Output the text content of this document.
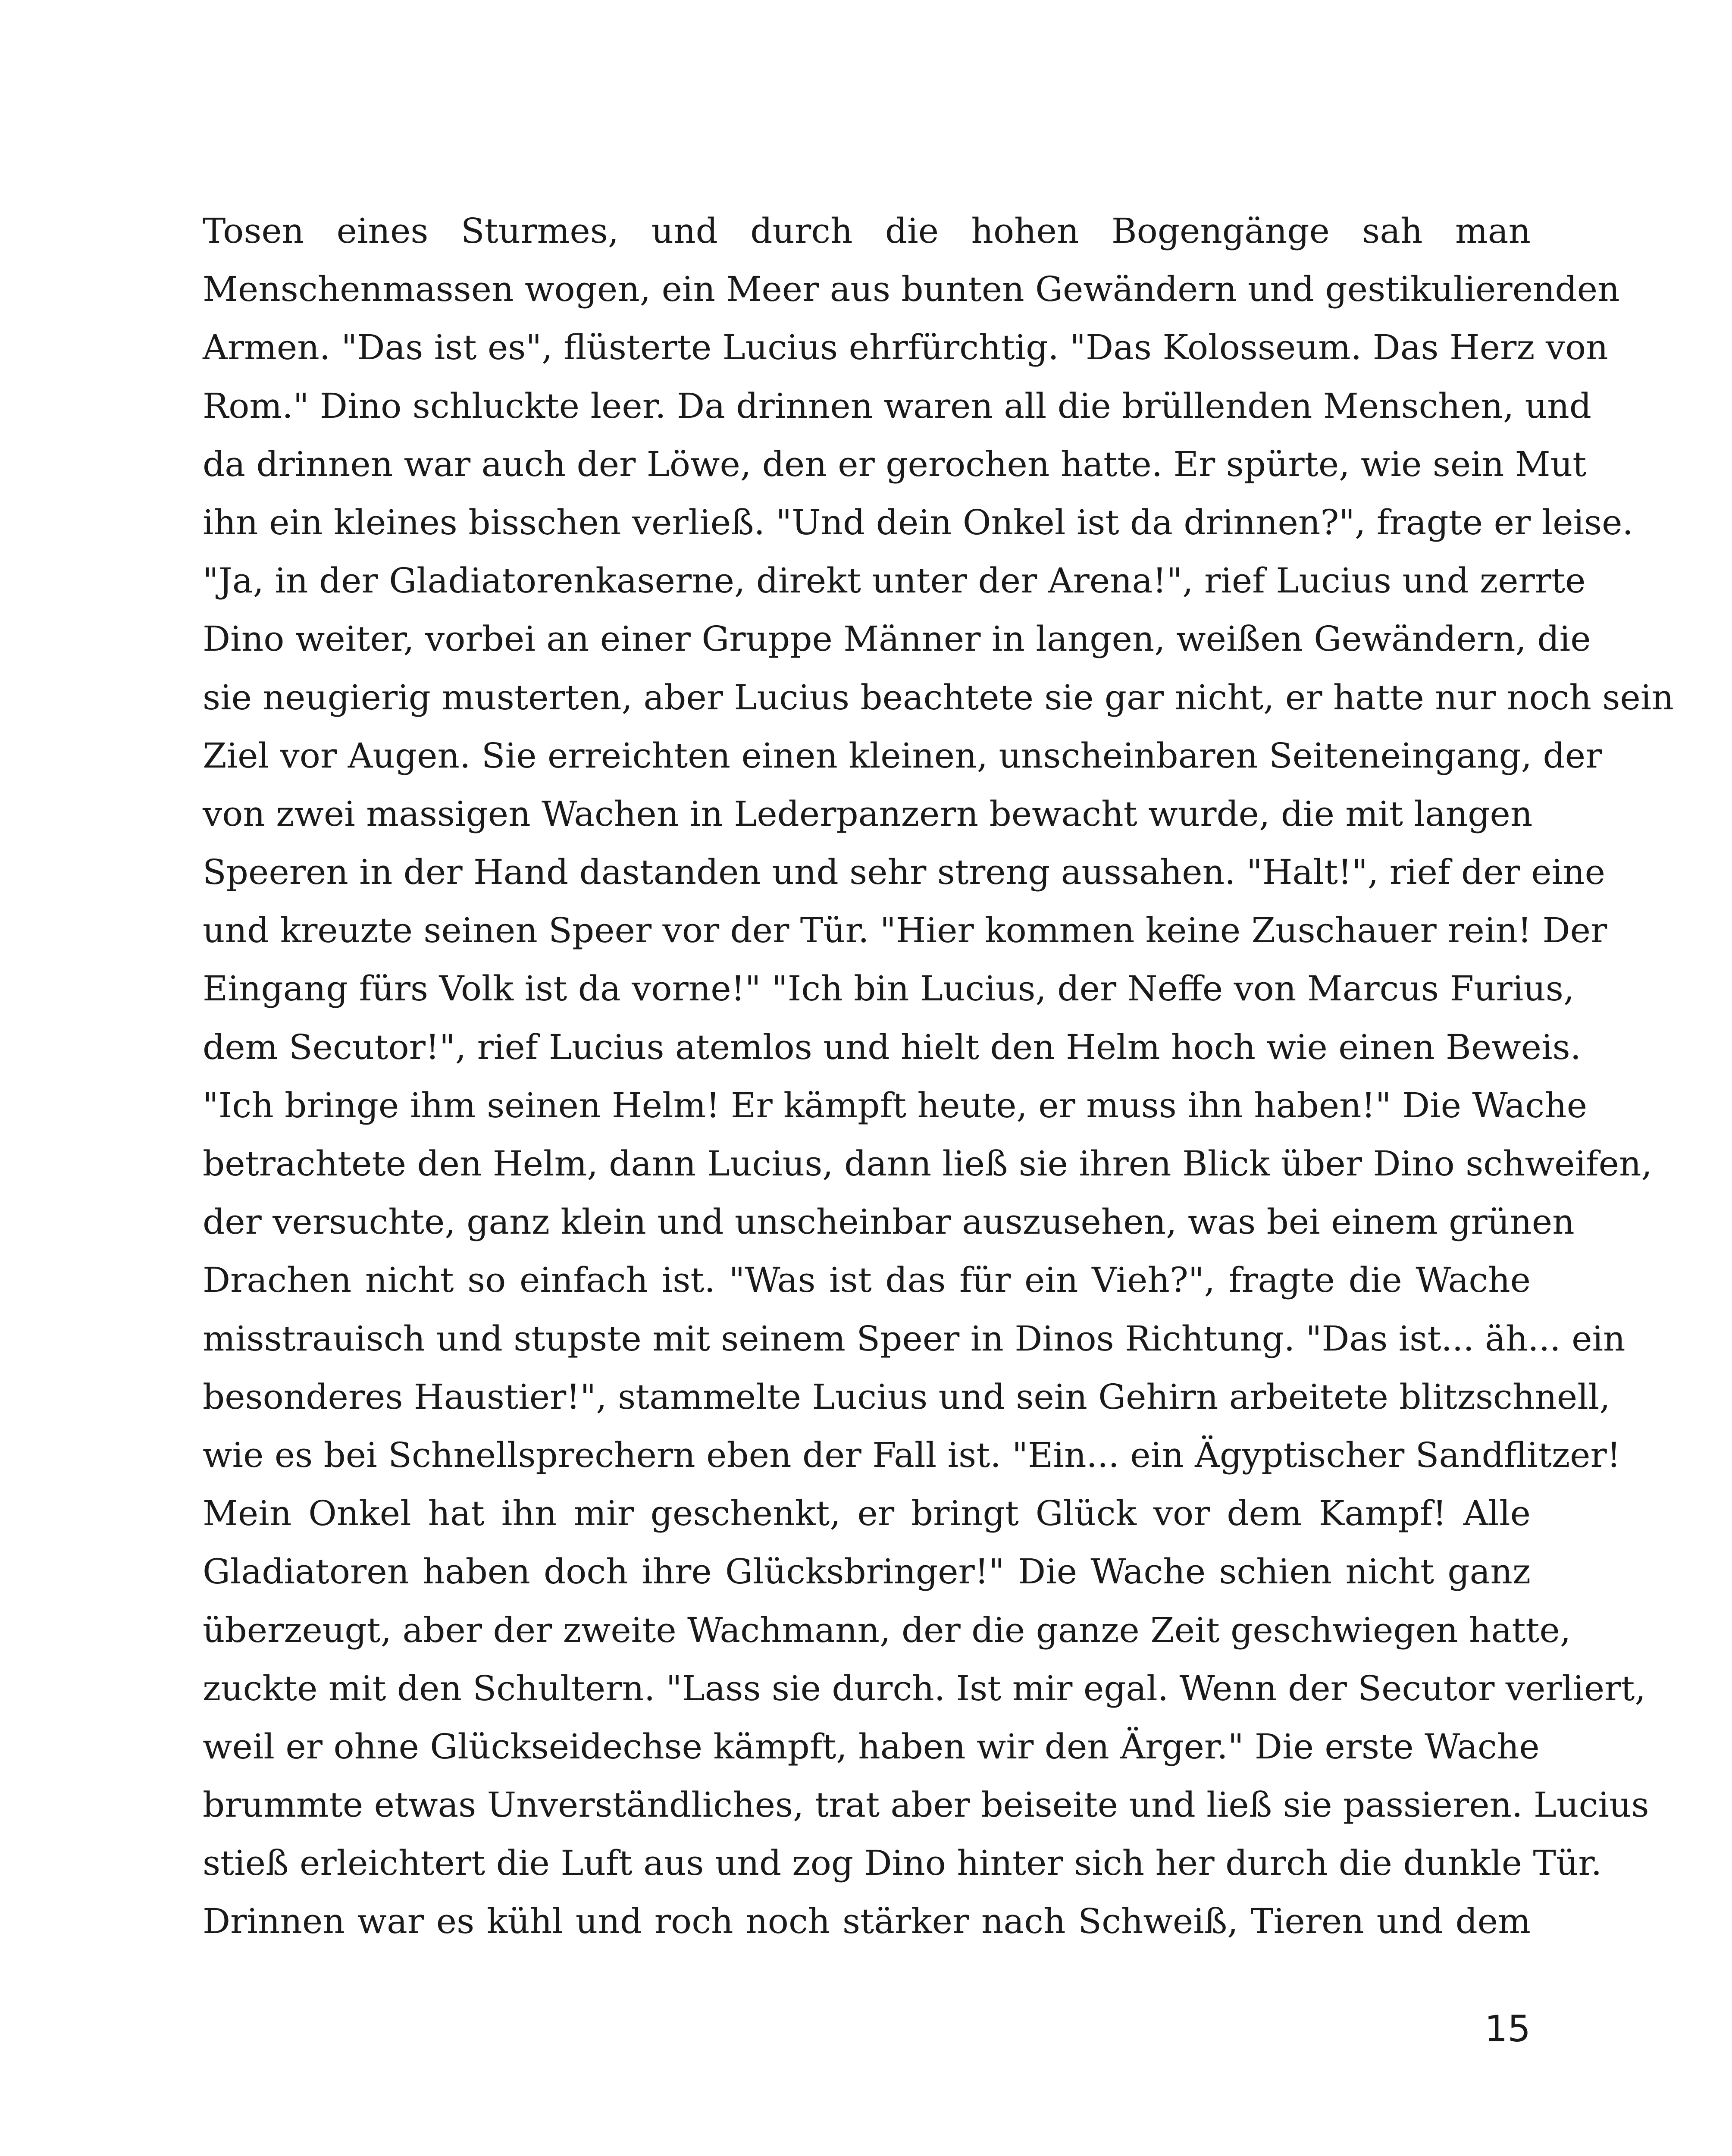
Tosen eines Sturmes, und durch die hohen Bogengänge sah man
Menschenmassen wogen, ein Meer aus bunten Gewändern und gestikulierenden
Armen. "Das ist es", flüsterte Lucius ehrfürchtig. "Das Kolosseum. Das Herz von
Rom." Dino schluckte leer. Da drinnen waren all die brüllenden Menschen, und
da drinnen war auch der Löwe, den er gerochen hatte. Er spürte, wie sein Mut
ihn ein kleines bisschen verließ. "Und dein Onkel ist da drinnen?", fragte er leise.
"Ja, in der Gladiatorenkaserne, direkt unter der Arena!", rief Lucius und zerrte
Dino weiter, vorbei an einer Gruppe Männer in langen, weißen Gewändern, die
sie neugierig musterten, aber Lucius beachtete sie gar nicht, er hatte nur noch sein
Ziel vor Augen. Sie erreichten einen kleinen, unscheinbaren Seiteneingang, der
von zwei massigen Wachen in Lederpanzern bewacht wurde, die mit langen
Speeren in der Hand dastanden und sehr streng aussahen. "Halt!", rief der eine
und kreuzte seinen Speer vor der Tür. "Hier kommen keine Zuschauer rein! Der
Eingang fürs Volk ist da vorne!" "Ich bin Lucius, der Neffe von Marcus Furius,
dem Secutor!", rief Lucius atemlos und hielt den Helm hoch wie einen Beweis.
"Ich bringe ihm seinen Helm! Er kämpft heute, er muss ihn haben!" Die Wache
betrachtete den Helm, dann Lucius, dann ließ sie ihren Blick über Dino schweifen,
der versuchte, ganz klein und unscheinbar auszusehen, was bei einem grünen
Drachen nicht so einfach ist. "Was ist das für ein Vieh?", fragte die Wache
misstrauisch und stupste mit seinem Speer in Dinos Richtung. "Das ist... äh... ein
besonderes Haustier!", stammelte Lucius und sein Gehirn arbeitete blitzschnell,
wie es bei Schnellsprechern eben der Fall ist. "Ein... ein Ägyptischer Sandflitzer!
Mein Onkel hat ihn mir geschenkt, er bringt Glück vor dem Kampf! Alle
Gladiatoren haben doch ihre Glücksbringer!" Die Wache schien nicht ganz
überzeugt, aber der zweite Wachmann, der die ganze Zeit geschwiegen hatte,
zuckte mit den Schultern. "Lass sie durch. Ist mir egal. Wenn der Secutor verliert,
weil er ohne Glückseidechse kämpft, haben wir den Ärger." Die erste Wache
brummte etwas Unverständliches, trat aber beiseite und ließ sie passieren. Lucius
stieß erleichtert die Luft aus und zog Dino hinter sich her durch die dunkle Tür.
Drinnen war es kühl und roch noch stärker nach Schweiß, Tieren und dem
15
